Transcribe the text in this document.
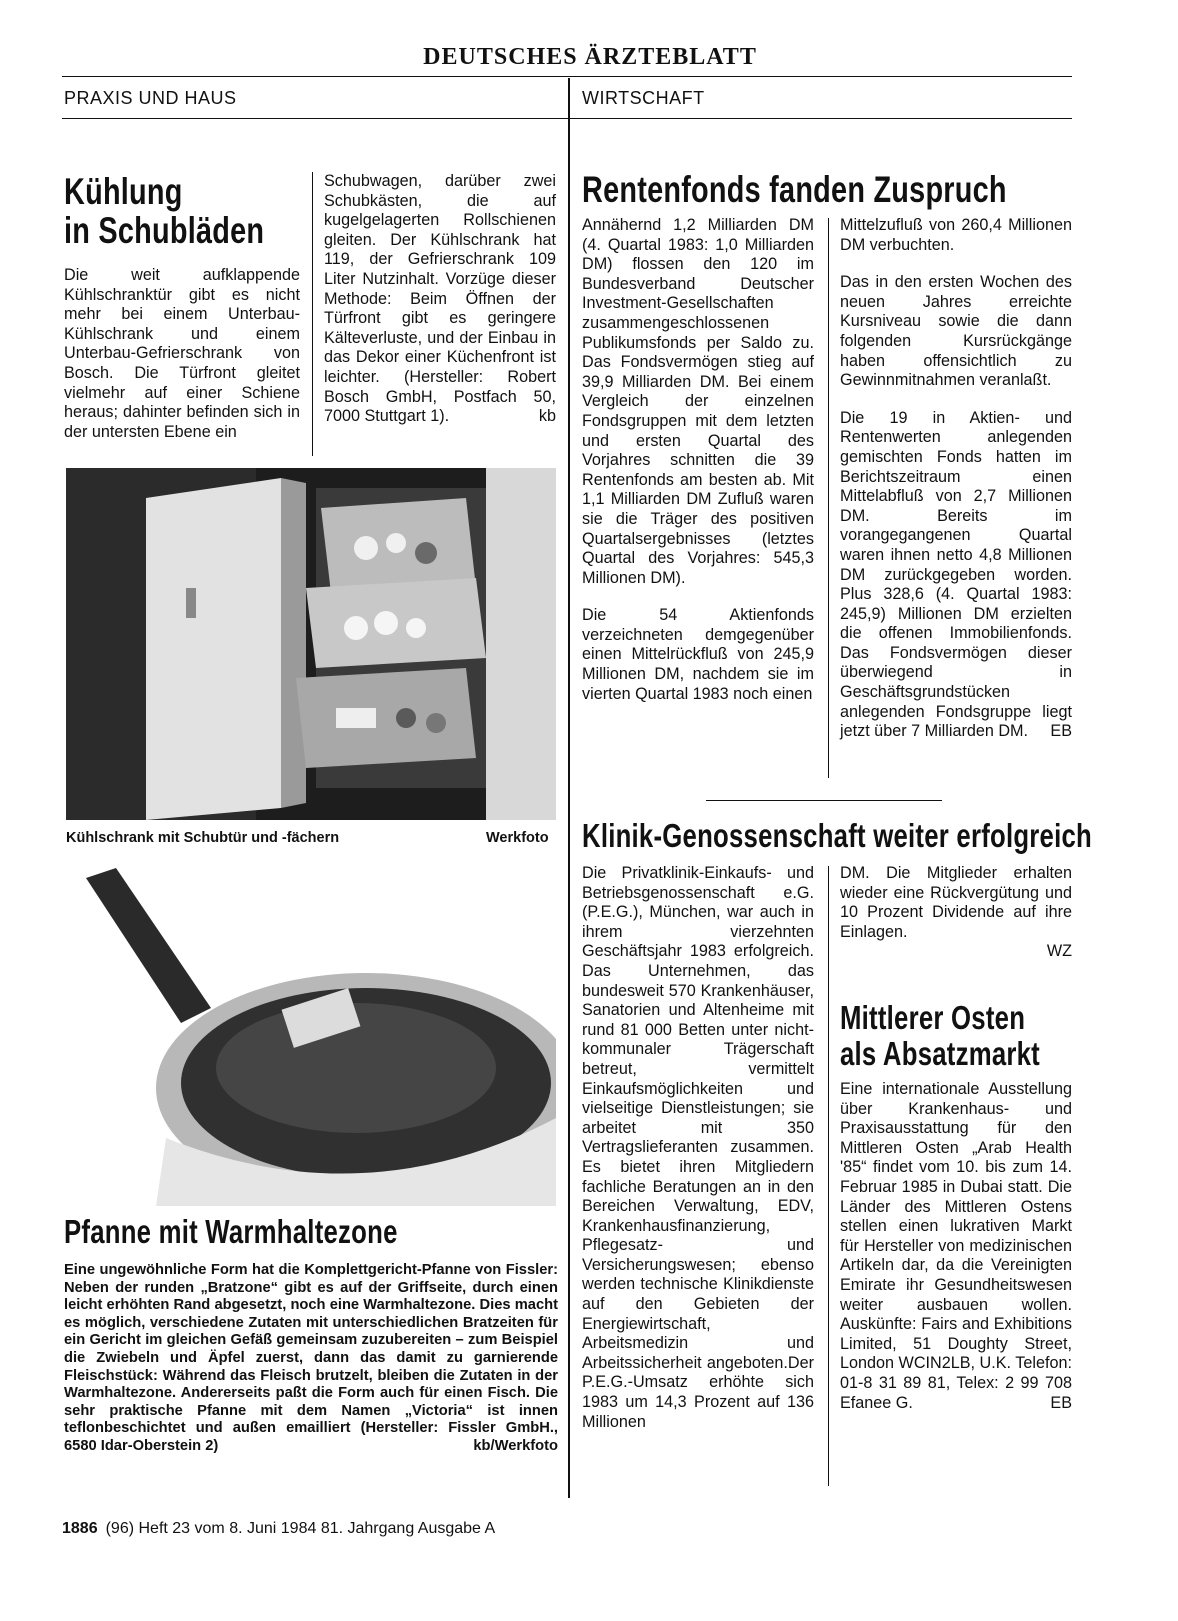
DEUTSCHES ÄRZTEBLATT
PRAXIS UND HAUS	WIRTSCHAFT
Kühlung
in Schubläden
Die weit aufklappende Kühlschranktür gibt es nicht mehr bei einem Unterbau-Kühlschrank und einem Unterbau-Gefrierschrank von Bosch. Die Türfront gleitet vielmehr auf einer Schiene heraus; dahinter befinden sich in der untersten Ebene ein
Schubwagen, darüber zwei Schubkästen, die auf kugelgelagerten Rollschienen gleiten. Der Kühlschrank hat 119, der Gefrierschrank 109 Liter Nutzinhalt. Vorzüge dieser Methode: Beim Öffnen der Türfront gibt es geringere Kälteverluste, und der Einbau in das Dekor einer Küchenfront ist leichter. (Hersteller: Robert Bosch GmbH, Postfach 50, 7000 Stuttgart 1).	kb
Kühlschrank mit Schubtür und -fächern	Werkfoto
Pfanne mit Warmhaltezone
Eine ungewöhnliche Form hat die Komplettgericht-Pfanne von Fissler: Neben der runden „Bratzone“ gibt es auf der Griffseite, durch einen leicht erhöhten Rand abgesetzt, noch eine Warmhaltezone. Dies macht es möglich, verschiedene Zutaten mit unterschiedlichen Bratzeiten für ein Gericht im gleichen Gefäß gemeinsam zuzubereiten – zum Beispiel die Zwiebeln und Äpfel zuerst, dann das damit zu garnierende Fleischstück: Während das Fleisch brutzelt, bleiben die Zutaten in der Warmhaltezone. Andererseits paßt die Form auch für einen Fisch. Die sehr praktische Pfanne mit dem Namen „Victoria“ ist innen teflonbeschichtet und außen emailliert (Hersteller: Fissler GmbH., 6580 Idar-Oberstein 2)	kb/Werkfoto
Rentenfonds fanden Zuspruch

Annähernd 1,2 Milliarden DM (4. Quartal 1983: 1,0 Milliarden DM) flossen den 120 im Bundesverband Deutscher Investment-Gesellschaften zusammengeschlossenen Publikumsfonds per Saldo zu. Das Fondsvermögen stieg auf 39,9 Milliarden DM. Bei einem Vergleich der einzelnen Fondsgruppen mit dem letzten und ersten Quartal des Vorjahres schnitten die 39 Rentenfonds am besten ab. Mit 1,1 Milliarden DM Zufluß waren sie die Träger des positiven Quartalsergebnisses (letztes Quartal des Vorjahres: 545,3 Millionen DM).

Die 54 Aktienfonds verzeichneten demgegenüber einen Mittelrückfluß von 245,9 Millionen DM, nachdem sie im vierten Quartal 1983 noch einen

Mittelzufluß von 260,4 Millionen DM verbuchten.

Das in den ersten Wochen des neuen Jahres erreichte Kursniveau sowie die dann folgenden Kursrückgänge haben offensichtlich zu Gewinnmitnahmen veranlaßt.

Die 19 in Aktien- und Rentenwerten anlegenden gemischten Fonds hatten im Berichtszeitraum einen Mittelabfluß von 2,7 Millionen DM. Bereits im vorangegangenen Quartal waren ihnen netto 4,8 Millionen DM zurückgegeben worden. Plus 328,6 (4. Quartal 1983: 245,9) Millionen DM erzielten die offenen Immobilienfonds. Das Fondsvermögen dieser überwiegend in Geschäftsgrundstücken anlegenden Fondsgruppe liegt jetzt über 7 Milliarden DM. EB

Klinik-Genossenschaft weiter erfolgreich
Die Privatklinik-Einkaufs- und Betriebsgenossenschaft e.G. (P.E.G.), München, war auch in ihrem vierzehnten Geschäftsjahr 1983 erfolgreich. Das Unternehmen, das bundesweit 570 Krankenhäuser, Sanatorien und Altenheime mit rund 81 000 Betten unter nicht-kommunaler Trägerschaft betreut, vermittelt Einkaufsmöglichkeiten und vielseitige Dienstleistungen; sie arbeitet mit 350 Vertragslieferanten zusammen. Es bietet ihren Mitgliedern fachliche Beratungen an in den Bereichen Verwaltung, EDV, Krankenhausfinanzierung, Pflegesatz- und Versicherungswesen; ebenso werden technische Klinikdienste auf den Gebieten der Energiewirtschaft, Arbeitsmedizin und Arbeitssicherheit angeboten.Der P.E.G.-Umsatz erhöhte sich 1983 um 14,3 Prozent auf 136 Millionen
DM. Die Mitglieder erhalten wieder eine Rückvergütung und 10 Prozent Dividende auf ihre Einlagen.
WZ
Mittlerer Osten
als Absatzmarkt
Eine internationale Ausstellung über Krankenhaus- und Praxisausstattung für den Mittleren Osten „Arab Health '85“ findet vom 10. bis zum 14. Februar 1985 in Dubai statt. Die Länder des Mittleren Ostens stellen einen lukrativen Markt für Hersteller von medizinischen Artikeln dar, da die Vereinigten Emirate ihr Gesundheitswesen weiter ausbauen wollen. Auskünfte: Fairs and Exhibitions Limited, 51 Doughty Street, London WCIN2LB, U.K. Telefon: 01-8 31 89 81, Telex: 2 99 708 Efanee G.	EB
1886 (96) Heft 23 vom 8. Juni 1984 81. Jahrgang Ausgabe A
